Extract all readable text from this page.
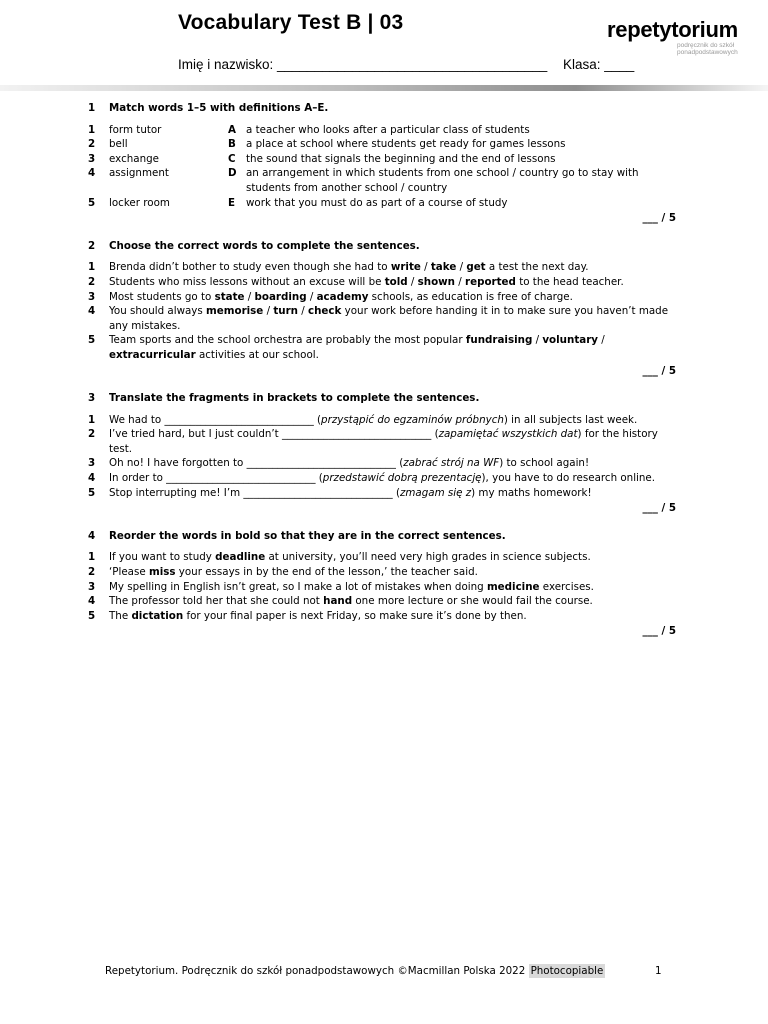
Vocabulary Test B | 03	repetytorium
podręcznik do szkół
ponadpodstawowych
Imię i nazwisko: ____________________________________ Klasa: ____
1	Match words 1–5 with definitions A–E.
1	form tutor	A a teacher who looks after a particular class of students
2	bell	B a place at school where students get ready for games lessons
3	exchange	C	the sound that signals the beginning and the end of lessons
4	assignment	D an arrangement in which students from one school / country go to stay with students from another school / country
5	locker room	E	work that you must do as part of a course of study
___ / 5
2	Choose the correct words to complete the sentences.
1	Brenda didn’t bother to study even though she had to write / take / get a test the next day.
2	Students who miss lessons without an excuse will be told / shown / reported to the head teacher.
3	Most students go to state / boarding / academy schools, as education is free of charge.
4	You should always memorise / turn / check your work before handing it in to make sure you haven’t made any mistakes.
5	Team sports and the school orchestra are probably the most popular fundraising / voluntary / extracurricular activities at our school.
___ / 5
3	Translate the fragments in brackets to complete the sentences.
1	We had to _____________________________ (przystąpić do egzaminów próbnych) in all subjects last week.
2	I’ve tried hard, but I just couldn’t _____________________________ (zapamiętać wszystkich dat) for the history test.
3	Oh no! I have forgotten to _____________________________ (zabrać strój na WF) to school again!
4	In order to _____________________________ (przedstawić dobrą prezentację), you have to do research online.
5	Stop interrupting me! I’m _____________________________ (zmagam się z) my maths homework!
___ / 5
4	Reorder the words in bold so that they are in the correct sentences.
1	If you want to study deadline at university, you’ll need very high grades in science subjects.
2	‘Please miss your essays in by the end of the lesson,’ the teacher said.
3	My spelling in English isn’t great, so I make a lot of mistakes when doing medicine exercises.
4	The professor told her that she could not hand one more lecture or she would fail the course.
5	The dictation for your final paper is next Friday, so make sure it’s done by then.
___ / 5
Repetytorium. Podręcznik do szkół ponadpodstawowych ©Macmillan Polska 2022 Photocopiable	1
